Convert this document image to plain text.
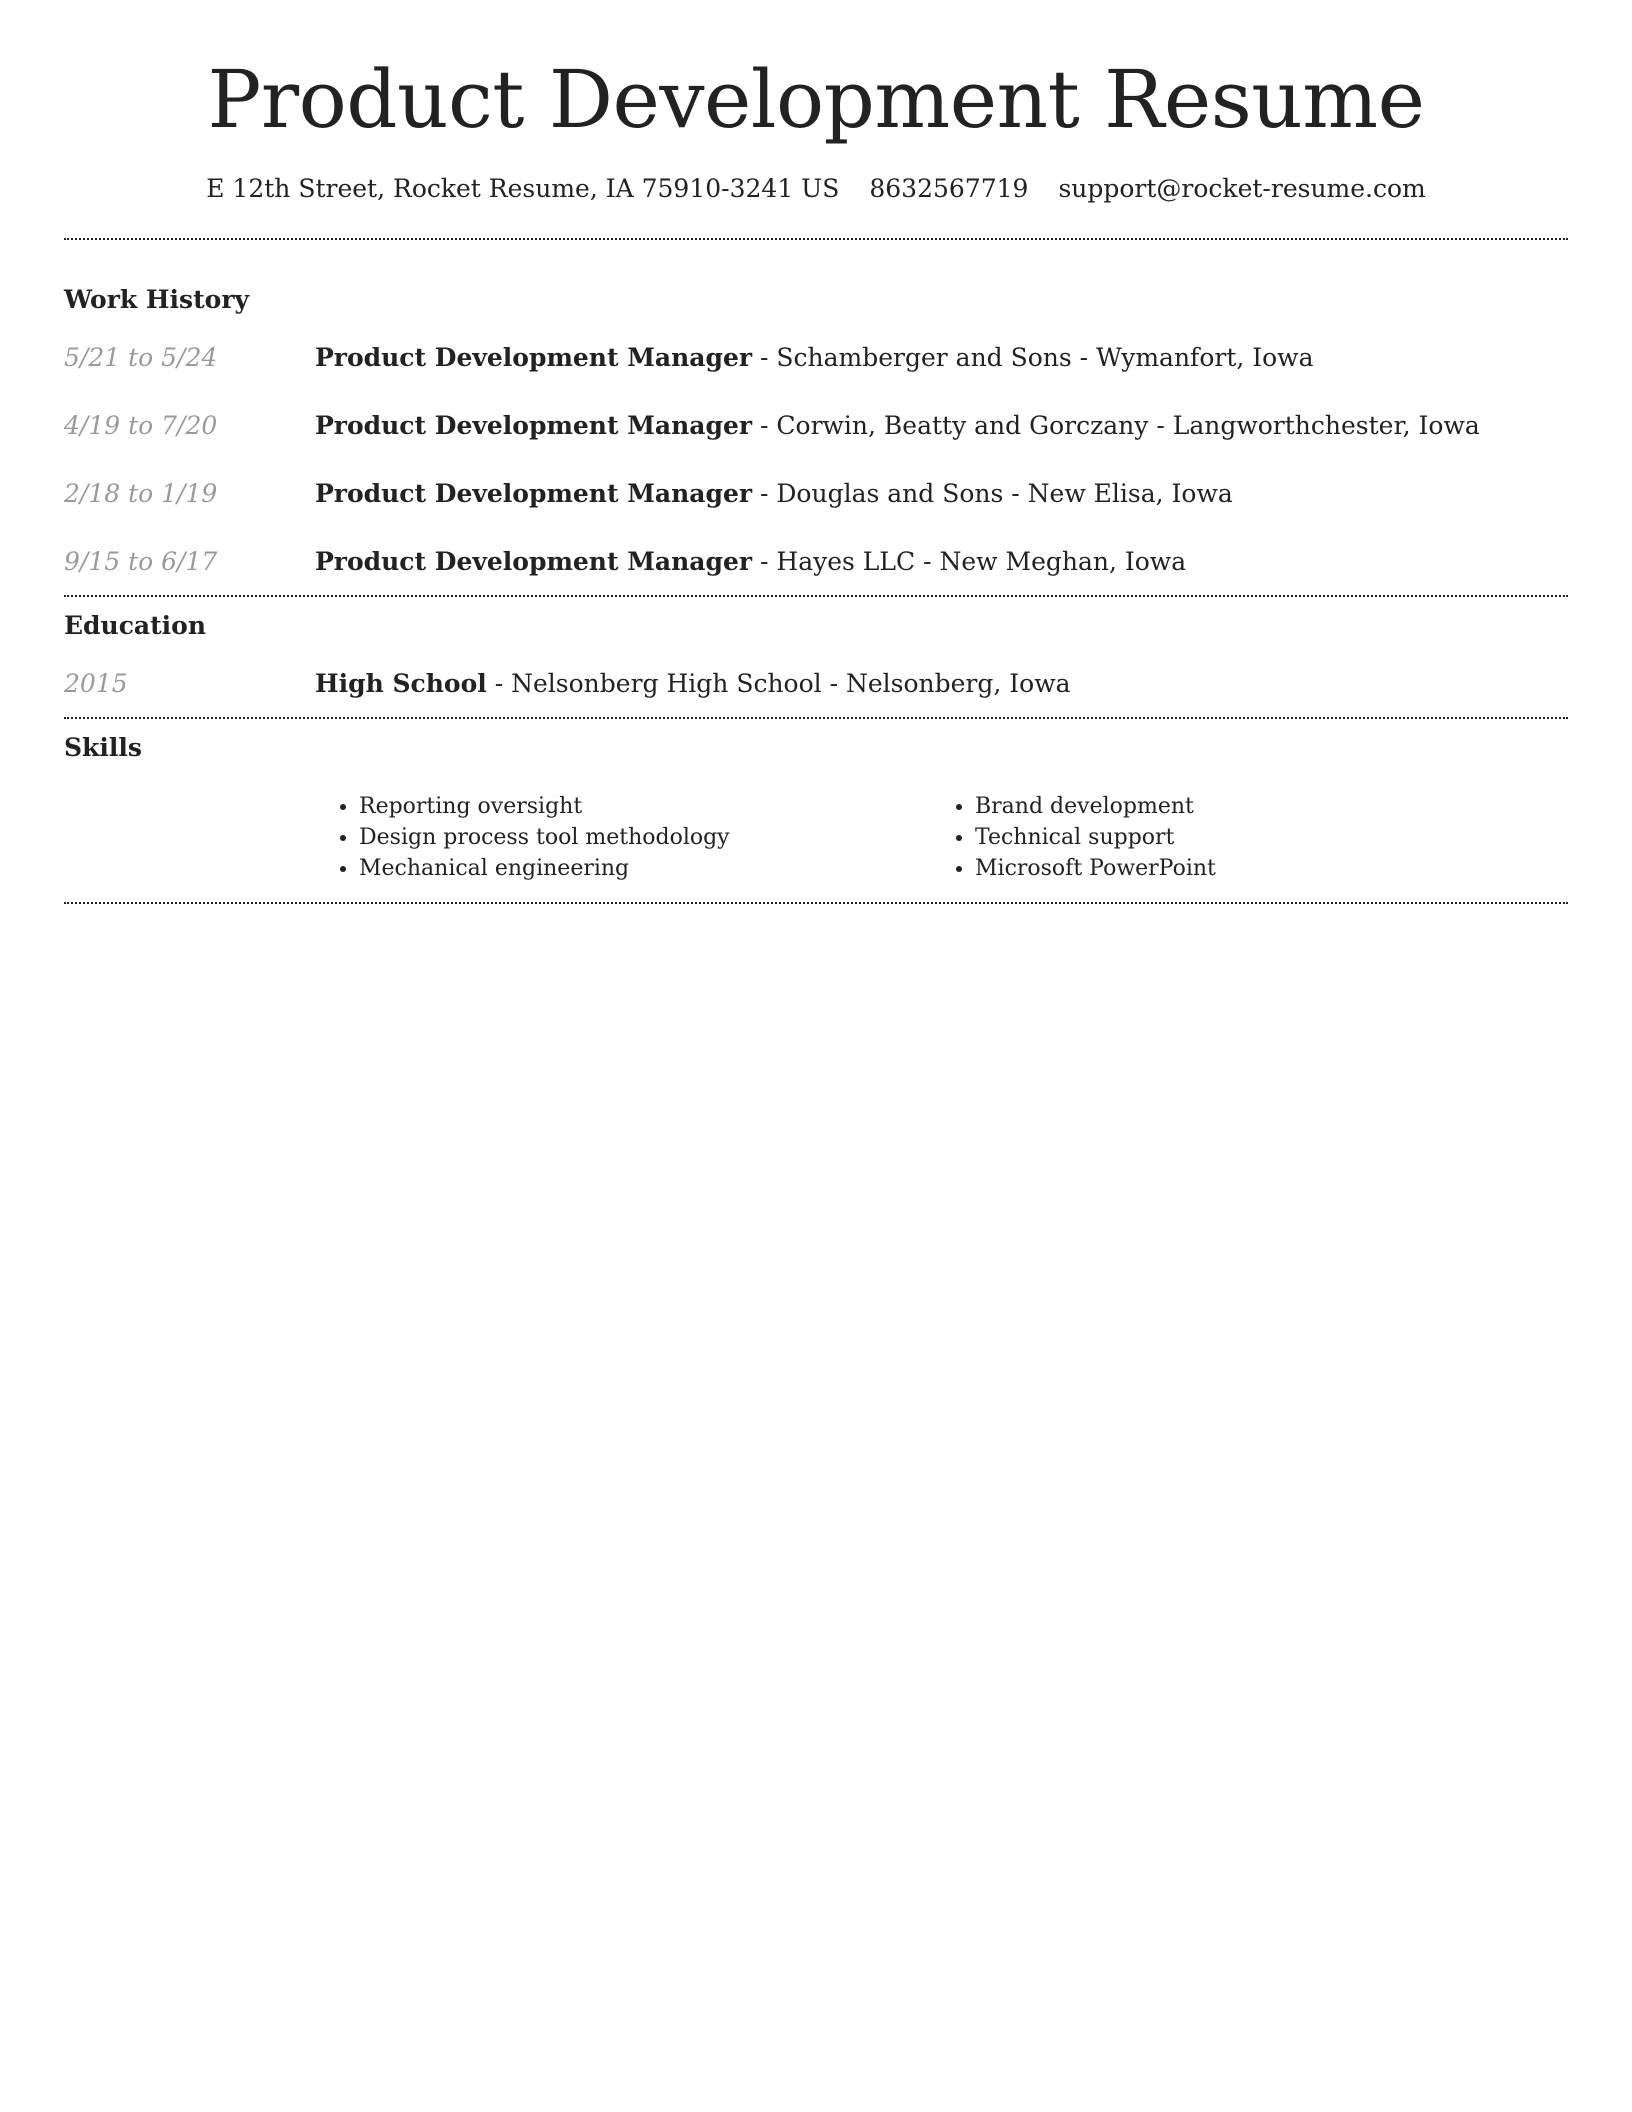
Product Development Resume
E 12th Street, Rocket Resume, IA 75910-3241 US 8632567719 support@rocket-resume.com
Work History
5/21 to 5/24	Product Development Manager - Schamberger and Sons - Wymanfort, Iowa
4/19 to 7/20	Product Development Manager - Corwin, Beatty and Gorczany - Langworthchester, Iowa
2/18 to 1/19	Product Development Manager - Douglas and Sons - New Elisa, Iowa
9/15 to 6/17	Product Development Manager - Hayes LLC - New Meghan, Iowa
Education
2015	High School - Nelsonberg High School - Nelsonberg, Iowa
Skills
• Reporting oversight
• Design process tool methodology
• Mechanical engineering
• Brand development
• Technical support
• Microsoft PowerPoint
